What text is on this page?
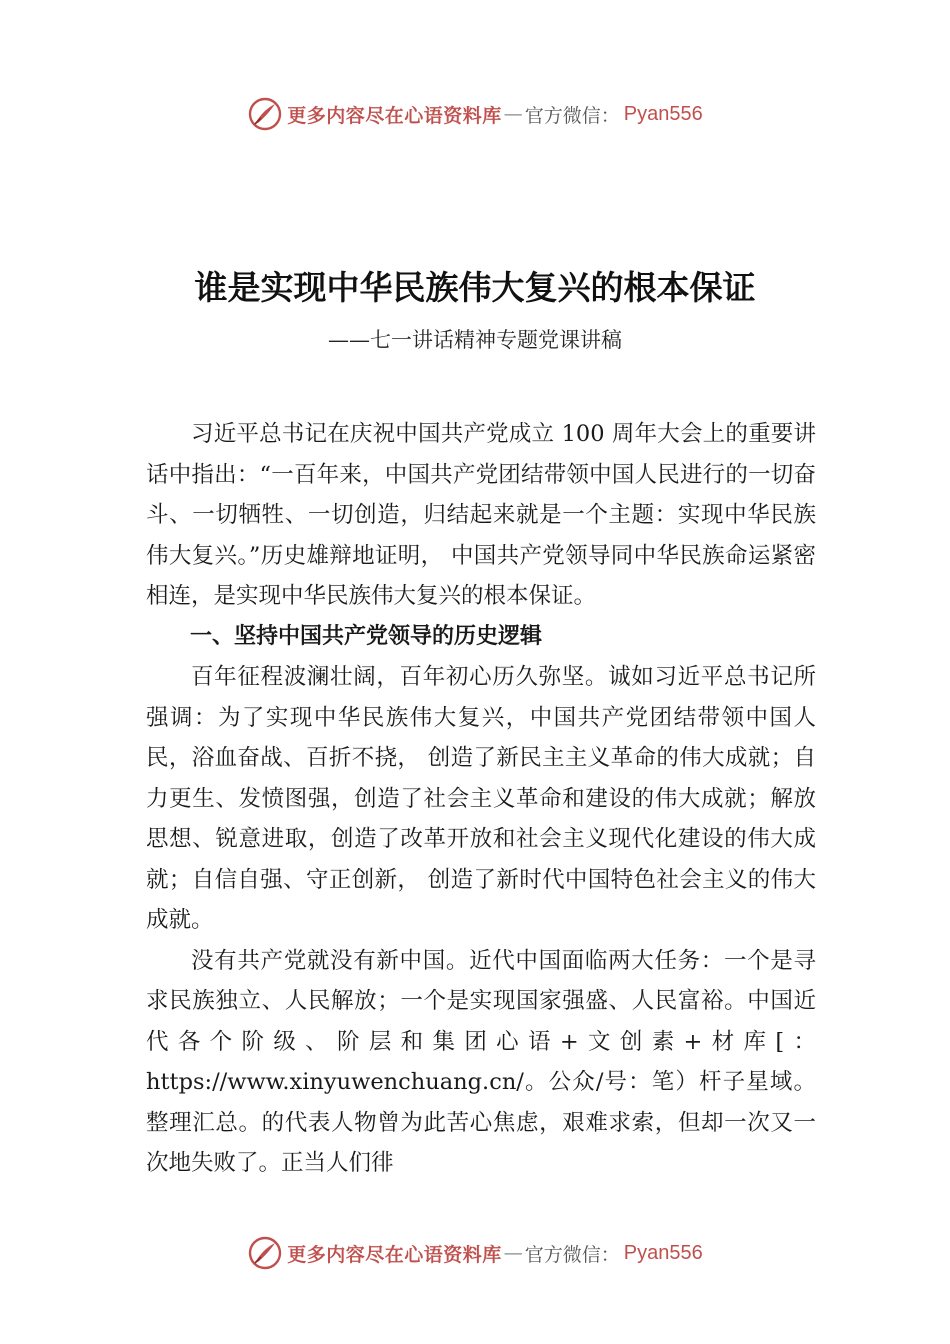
更多内容尽在心语资料库 — 官方微信： Pyan556
谁是实现中华民族伟大复兴的根本保证
——七一讲话精神专题党课讲稿

习近平总书记在庆祝中国共产党成立 100 周年大会上的重要讲话中指出：“一百年来，中国共产党团结带领中国人民进行的一切奋斗、一切牺牲、一切创造，归结起来就是一个主题：实现中华民族伟大复兴。”历史雄辩地证明， 中国共产党领导同中华民族命运紧密相连，是实现中华民族伟大复兴的根本保证。

一、坚持中国共产党领导的历史逻辑

百年征程波澜壮阔，百年初心历久弥坚。诚如习近平总书记所强调：为了实现中华民族伟大复兴，中国共产党团结带领中国人民，浴血奋战、百折不挠， 创造了新民主主义革命的伟大成就；自力更生、发愤图强，创造了社会主义革命和建设的伟大成就；解放思想、锐意进取，创造了改革开放和社会主义现代化建设的伟大成就；自信自强、守正创新， 创造了新时代中国特色社会主义的伟大成就。

没有共产党就没有新中国。近代中国面临两大任务：一个是寻求民族独立、人民解放；一个是实现国家强盛、人民富裕。中国近代各个阶级、阶层和集团心语+文创素+材库[：https://www.xinyuwenchuang.cn/。公众/号：笔）杆子星域。整理汇总。的代表人物曾为此苦心焦虑，艰难求索，但却一次又一次地失败了。正当人们徘

更多内容尽在心语资料库 — 官方微信： Pyan556
